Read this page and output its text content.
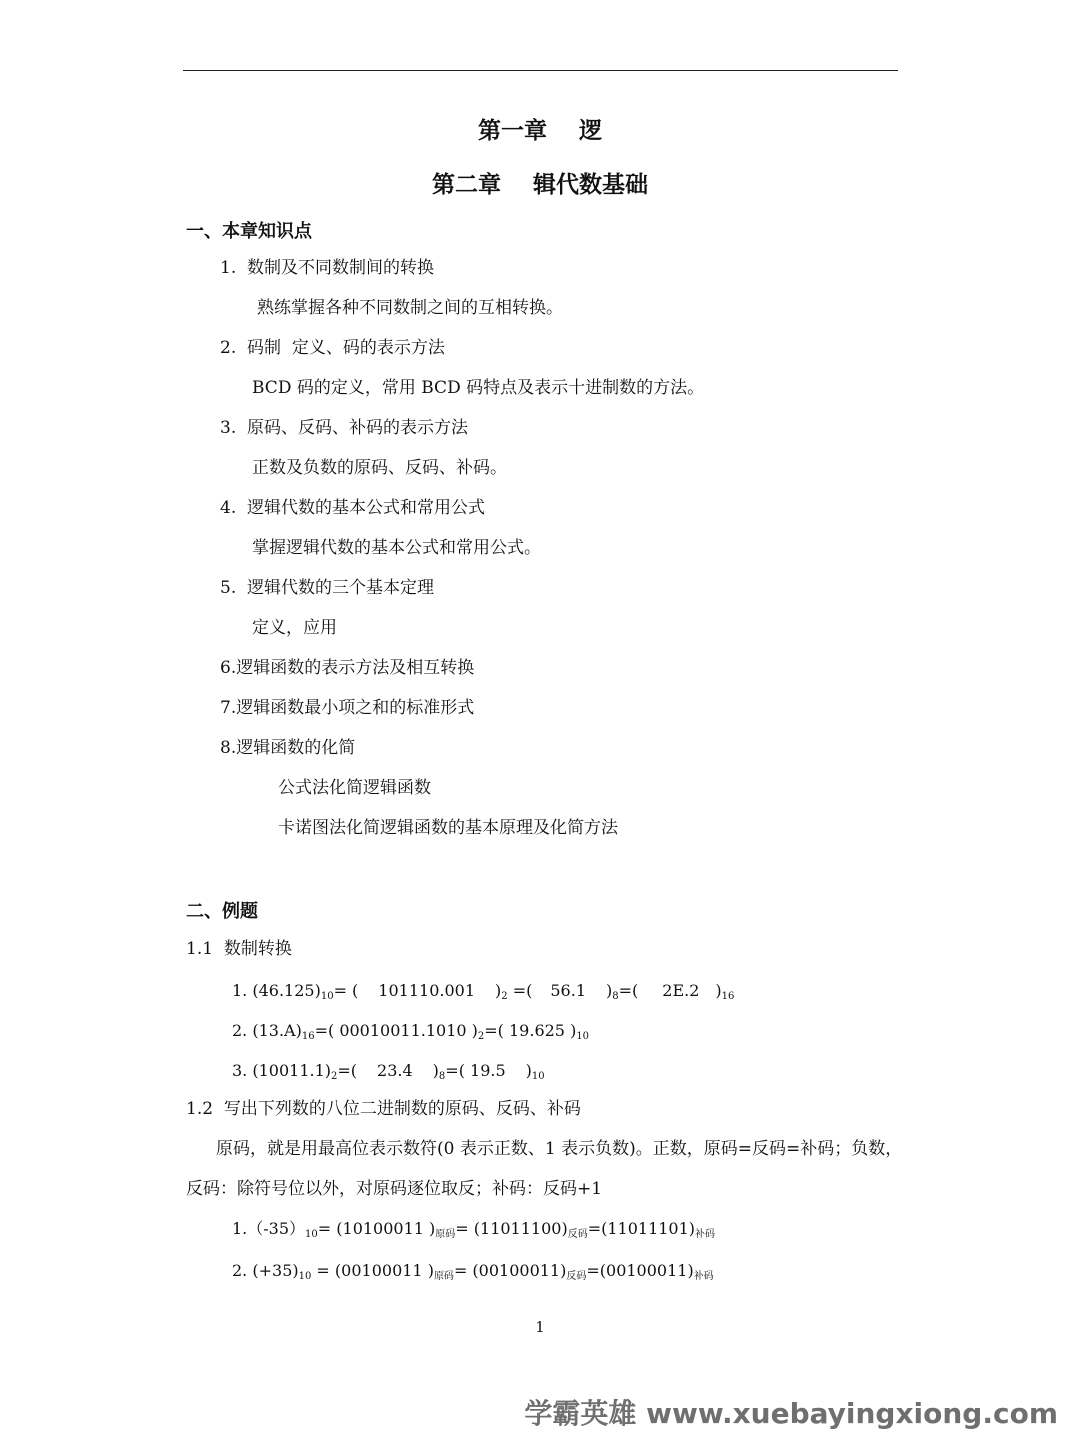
第一章    逻
第二章    辑代数基础
一、本章知识点
1. 数制及不同数制间的转换
熟练掌握各种不同数制之间的互相转换。
2. 码制  定义、码的表示方法
BCD 码的定义，常用 BCD 码特点及表示十进制数的方法。
3. 原码、反码、补码的表示方法
正数及负数的原码、反码、补码。
4. 逻辑代数的基本公式和常用公式
掌握逻辑代数的基本公式和常用公式。
5. 逻辑代数的三个基本定理
定义，应用
6.逻辑函数的表示方法及相互转换
7.逻辑函数最小项之和的标准形式
8.逻辑函数的化简
公式法化简逻辑函数
卡诺图法化简逻辑函数的基本原理及化简方法
二、例题
1.1  数制转换
1. $(46.125)_{10}=$ ( 101110.001 )$_2$ =( 56.1 )$_8=$( 2E.2 )$_{16}$
2. $(13.A)_{16}=$( 00010011.1010 )$_2=$( 19.625 )$_{10}$
3. $(10011.1)_2=$( 23.4 )$_8=$( 19.5 )$_{10}$
1.2  写出下列数的八位二进制数的原码、反码、补码
原码，就是用最高位表示数符(0 表示正数、1 表示负数)。正数，原码=反码=补码；负数，
反码：除符号位以外，对原码逐位取反；补码：反码+1
$1.(-35)_{10}= (10100011$ )$_{原码}= (11011100)_{反码}=(11011101)_{补码}$
2. $(+35)_{10} = (00100011$ )$_{原码}= (00100011)_{反码}=(00100011)_{补码}$
1
学霸英雄 www.xuebayingxiong.com
